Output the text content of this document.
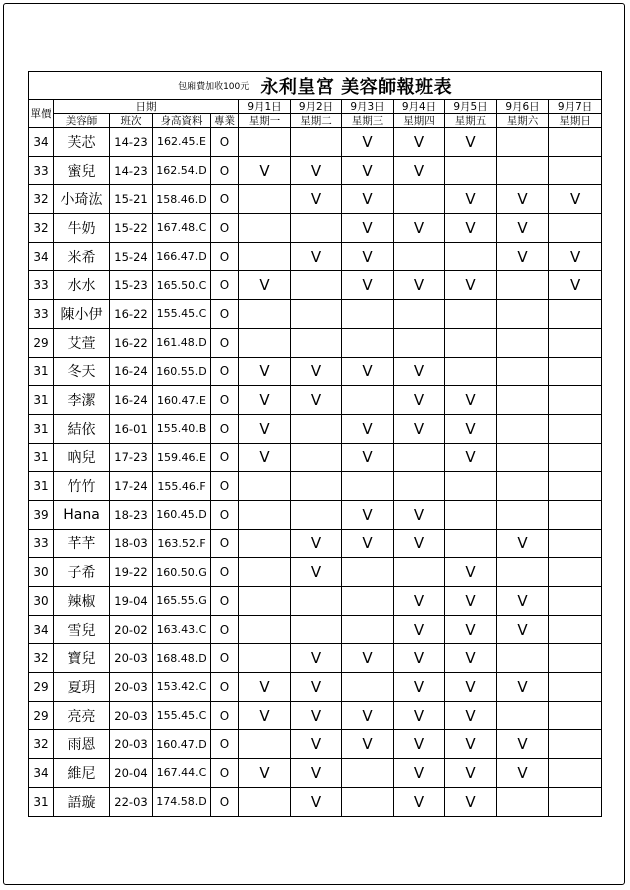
包廂費加收100元 永利皇宮 美容師報班表											
單價	日期				9月1日	9月2日	9月3日	9月4日	9月5日	9月6日	9月7日
	美容師	班次	身高資料	專業	星期一	星期二	星期三	星期四	星期五	星期六	星期日
34	芙芯	14-23	162.45.E	O			V	V	V		
33	蜜兒	14-23	162.54.D	O	V	V	V	V			
32	小琦汯	15-21	158.46.D	O		V	V		V	V	V
32	牛奶	15-22	167.48.C	O			V	V	V	V	
34	米希	15-24	166.47.D	O		V	V			V	V
33	水水	15-23	165.50.C	O	V		V	V	V		V
33	陳小伊	16-22	155.45.C	O							
29	艾萱	16-22	161.48.D	O							
31	冬天	16-24	160.55.D	O	V	V	V	V			
31	李潔	16-24	160.47.E	O	V	V		V	V		
31	結依	16-01	155.40.B	O	V		V	V	V		
31	吶兒	17-23	159.46.E	O	V		V		V		
31	竹竹	17-24	155.46.F	O							
39	Hana	18-23	160.45.D	O			V	V			
33	芊芊	18-03	163.52.F	O		V	V	V		V	
30	子希	19-22	160.50.G	O		V			V		
30	辣椒	19-04	165.55.G	O				V	V	V	
34	雪兒	20-02	163.43.C	O				V	V	V	
32	寶兒	20-03	168.48.D	O		V	V	V	V		
29	夏玥	20-03	153.42.C	O	V	V		V	V	V	
29	亮亮	20-03	155.45.C	O	V	V	V	V	V		
32	雨恩	20-03	160.47.D	O		V	V	V	V	V	
34	維尼	20-04	167.44.C	O	V	V		V	V	V	
31	語璇	22-03	174.58.D	O		V		V	V		
